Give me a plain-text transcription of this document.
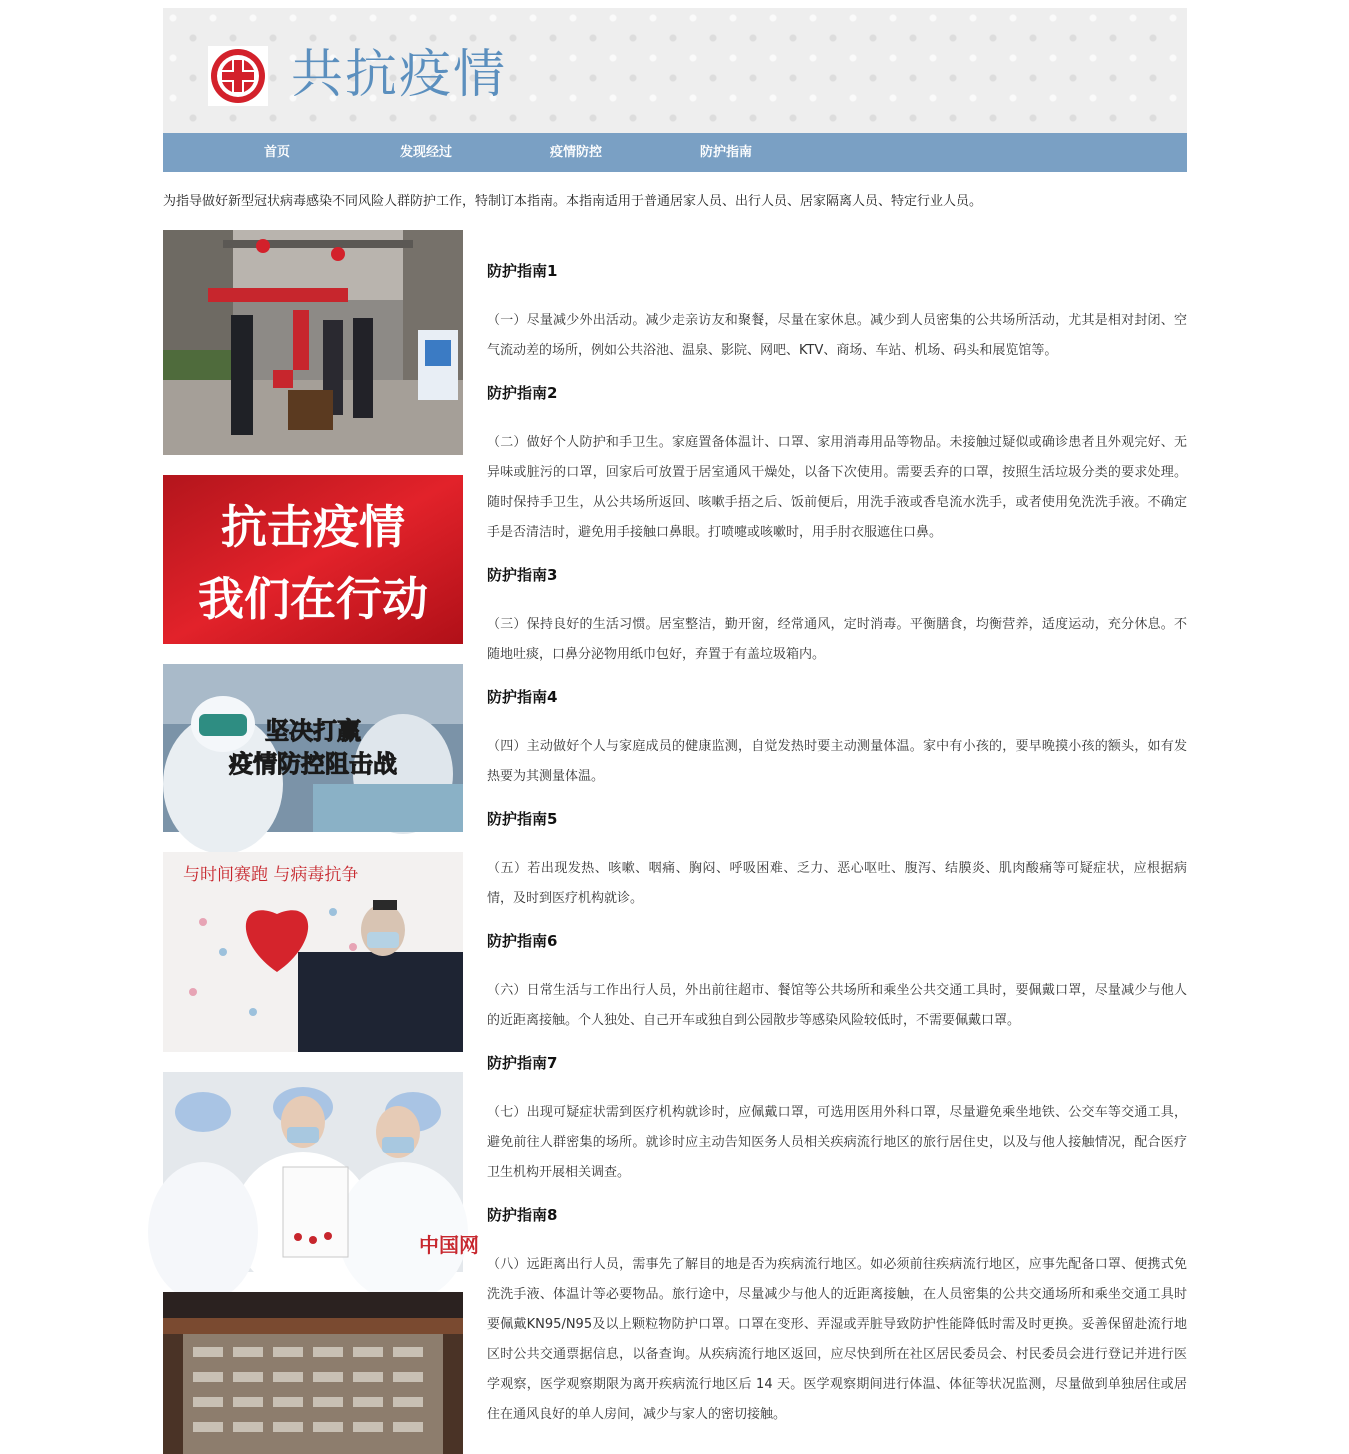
共抗疫情
首页	发现经过	疫情防控	防护指南
为指导做好新型冠状病毒感染不同风险人群防护工作，特制订本指南。本指南适用于普通居家人员、出行人员、居家隔离人员、特定行业人员。
抗击疫情
我们在行动
坚决打赢
疫情防控阻击战
与时间赛跑 与病毒抗争
中国网
防护指南1
（一）尽量减少外出活动。减少走亲访友和聚餐，尽量在家休息。减少到人员密集的公共场所活动，尤其是相对封闭、空气流动差的场所，例如公共浴池、温泉、影院、网吧、KTV、商场、车站、机场、码头和展览馆等。
防护指南2
（二）做好个人防护和手卫生。家庭置备体温计、口罩、家用消毒用品等物品。未接触过疑似或确诊患者且外观完好、无异味或脏污的口罩，回家后可放置于居室通风干燥处，以备下次使用。需要丢弃的口罩，按照生活垃圾分类的要求处理。随时保持手卫生，从公共场所返回、咳嗽手捂之后、饭前便后，用洗手液或香皂流水洗手，或者使用免洗洗手液。不确定手是否清洁时，避免用手接触口鼻眼。打喷嚏或咳嗽时，用手肘衣服遮住口鼻。
防护指南3
（三）保持良好的生活习惯。居室整洁，勤开窗，经常通风，定时消毒。平衡膳食，均衡营养，适度运动，充分休息。不随地吐痰，口鼻分泌物用纸巾包好，弃置于有盖垃圾箱内。
防护指南4
（四）主动做好个人与家庭成员的健康监测，自觉发热时要主动测量体温。家中有小孩的，要早晚摸小孩的额头，如有发热要为其测量体温。
防护指南5
（五）若出现发热、咳嗽、咽痛、胸闷、呼吸困难、乏力、恶心呕吐、腹泻、结膜炎、肌肉酸痛等可疑症状，应根据病情，及时到医疗机构就诊。
防护指南6
（六）日常生活与工作出行人员，外出前往超市、餐馆等公共场所和乘坐公共交通工具时，要佩戴口罩，尽量减少与他人的近距离接触。个人独处、自己开车或独自到公园散步等感染风险较低时，不需要佩戴口罩。
防护指南7
（七）出现可疑症状需到医疗机构就诊时，应佩戴口罩，可选用医用外科口罩，尽量避免乘坐地铁、公交车等交通工具，避免前往人群密集的场所。就诊时应主动告知医务人员相关疾病流行地区的旅行居住史，以及与他人接触情况，配合医疗卫生机构开展相关调查。
防护指南8
（八）远距离出行人员，需事先了解目的地是否为疾病流行地区。如必须前往疾病流行地区，应事先配备口罩、便携式免洗洗手液、体温计等必要物品。旅行途中，尽量减少与他人的近距离接触，在人员密集的公共交通场所和乘坐交通工具时要佩戴KN95/N95及以上颗粒物防护口罩。口罩在变形、弄湿或弄脏导致防护性能降低时需及时更换。妥善保留赴流行地区时公共交通票据信息，以备查询。从疾病流行地区返回，应尽快到所在社区居民委员会、村民委员会进行登记并进行医学观察，医学观察期限为离开疾病流行地区后 14 天。医学观察期间进行体温、体征等状况监测，尽量做到单独居住或居住在通风良好的单人房间，减少与家人的密切接触。
